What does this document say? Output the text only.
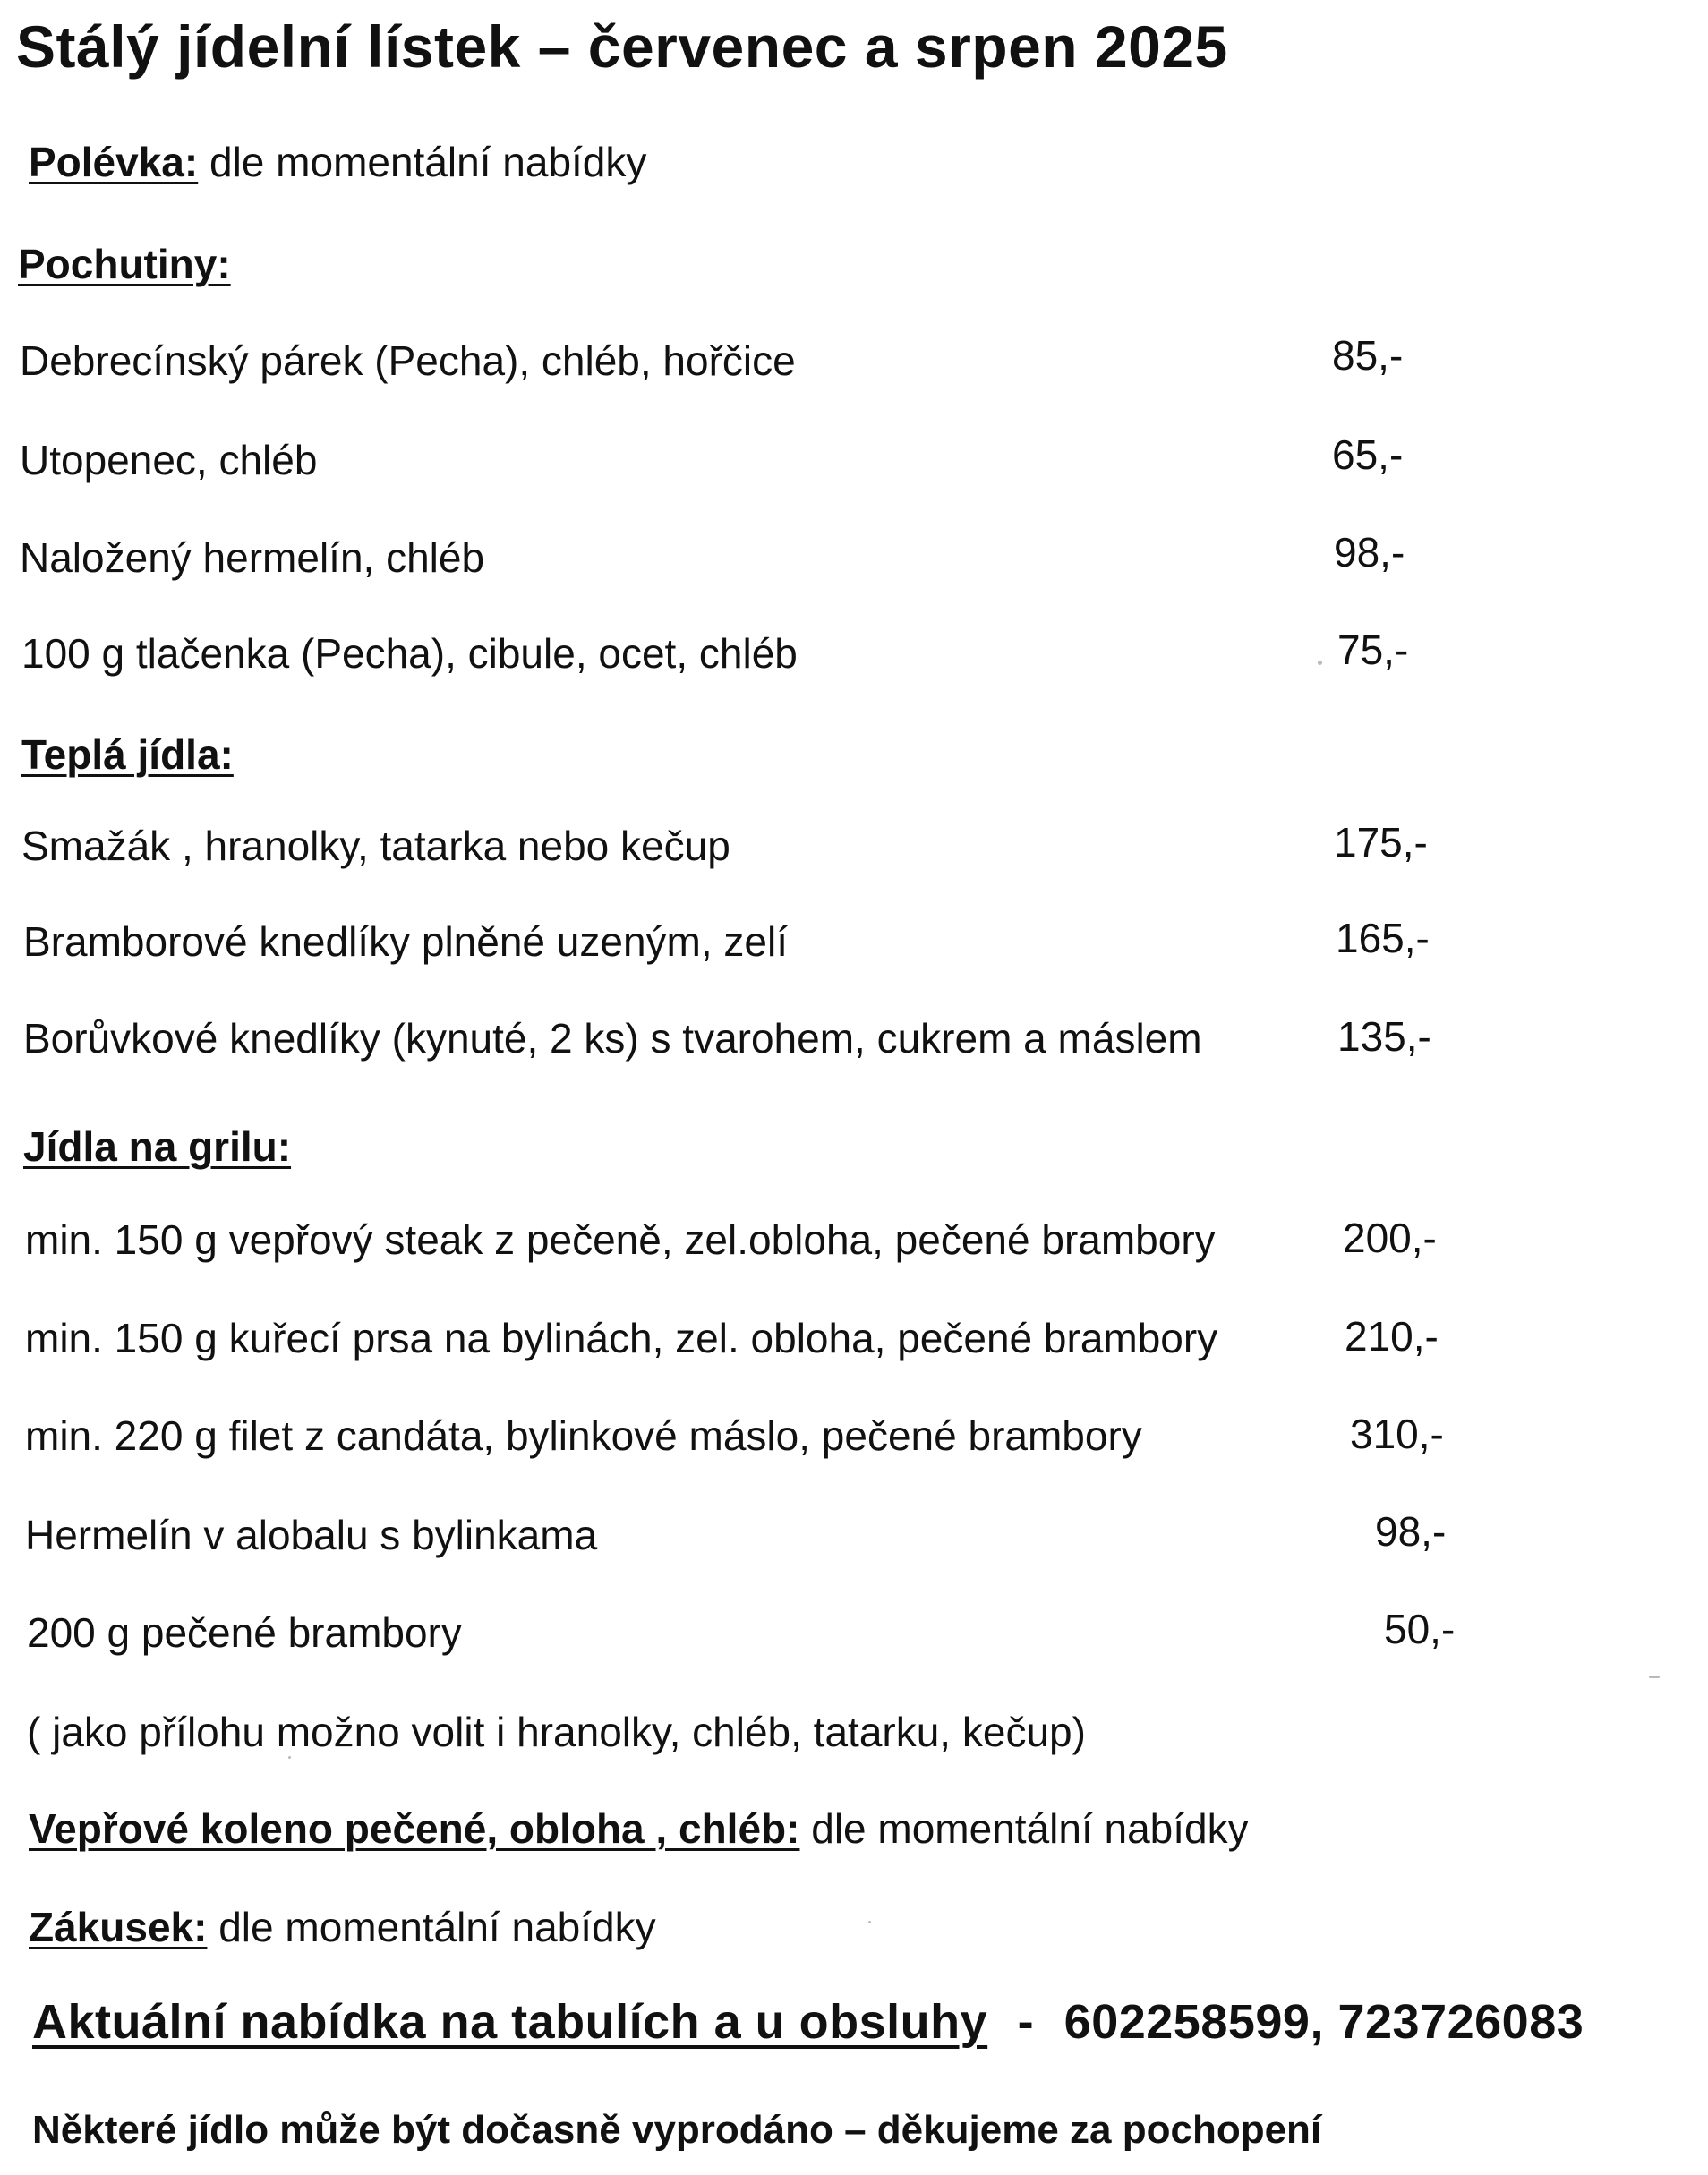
Stálý jídelní lístek – červenec a srpen 2025
Polévka: dle momentální nabídky
Pochutiny:
Debrecínský párek (Pecha), chléb, hořčice	85,-
Utopenec, chléb	65,-
Naložený hermelín, chléb	98,-
100 g tlačenka (Pecha), cibule, ocet, chléb	75,-
Teplá jídla:
Smažák , hranolky, tatarka nebo kečup	175,-
Bramborové knedlíky plněné uzeným, zelí	165,-
Borůvkové knedlíky (kynuté, 2 ks) s tvarohem, cukrem a máslem	135,-
Jídla na grilu:
min. 150 g vepřový steak z pečeně, zel.obloha, pečené brambory	200,-
min. 150 g kuřecí prsa na bylinách, zel. obloha, pečené brambory	210,-
min. 220 g filet z candáta, bylinkové máslo, pečené brambory	310,-
Hermelín v alobalu s bylinkama	98,-
200 g pečené brambory	50,-
( jako přílohu možno volit i hranolky, chléb, tatarku, kečup)
Vepřové koleno pečené, obloha , chléb: dle momentální nabídky
Zákusek: dle momentální nabídky
Aktuální nabídka na tabulích a u obsluhy - 602258599, 723726083
Některé jídlo může být dočasně vyprodáno – děkujeme za pochopení
